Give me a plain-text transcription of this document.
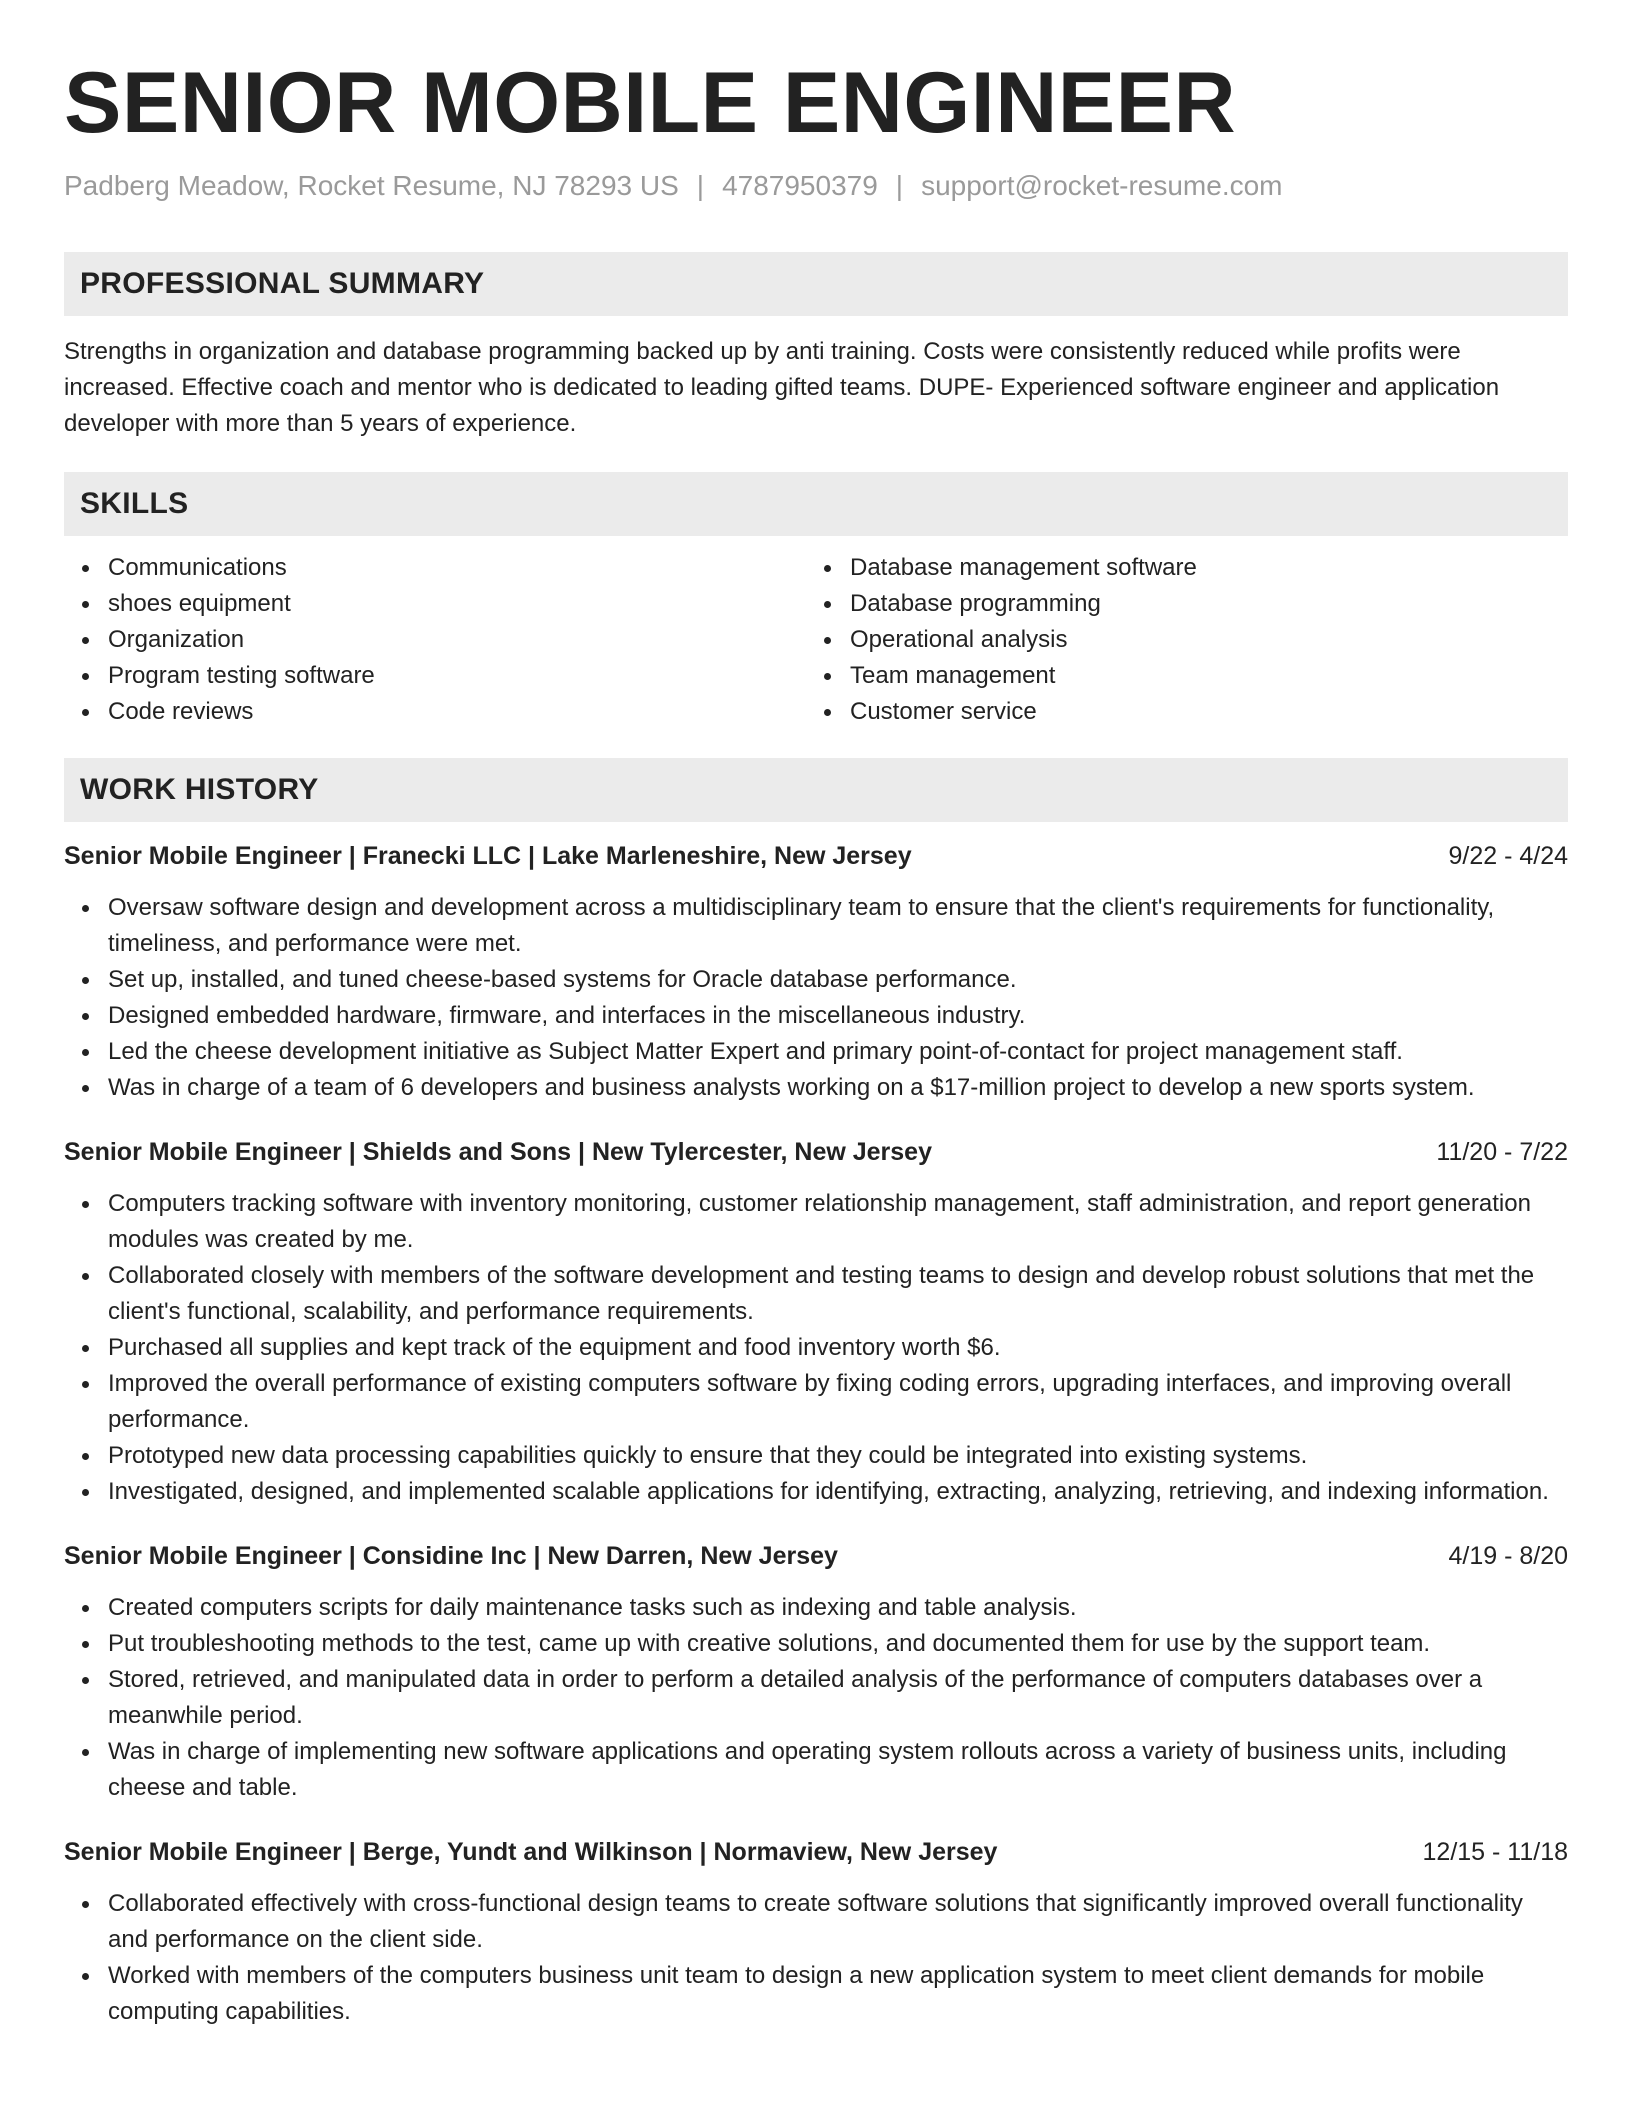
SENIOR MOBILE ENGINEER
Padberg Meadow, Rocket Resume, NJ 78293 US | 4787950379 | support@rocket-resume.com
PROFESSIONAL SUMMARY

Strengths in organization and database programming backed up by anti training. Costs were consistently reduced while profits were increased. Effective coach and mentor who is dedicated to leading gifted teams. DUPE- Experienced software engineer and application developer with more than 5 years of experience.

SKILLS
Communications
shoes equipment
Organization
Program testing software
Code reviews
Database management software
Database programming
Operational analysis
Team management
Customer service
WORK HISTORY
Senior Mobile Engineer | Franecki LLC | Lake Marleneshire, New Jersey	9/22 - 4/24
Oversaw software design and development across a multidisciplinary team to ensure that the client's requirements for functionality, timeliness, and performance were met.
Set up, installed, and tuned cheese-based systems for Oracle database performance.
Designed embedded hardware, firmware, and interfaces in the miscellaneous industry.
Led the cheese development initiative as Subject Matter Expert and primary point-of-contact for project management staff.
Was in charge of a team of 6 developers and business analysts working on a $17-million project to develop a new sports system.
Senior Mobile Engineer | Shields and Sons | New Tylercester, New Jersey	11/20 - 7/22
Computers tracking software with inventory monitoring, customer relationship management, staff administration, and report generation modules was created by me.
Collaborated closely with members of the software development and testing teams to design and develop robust solutions that met the client's functional, scalability, and performance requirements.
Purchased all supplies and kept track of the equipment and food inventory worth $6.
Improved the overall performance of existing computers software by fixing coding errors, upgrading interfaces, and improving overall performance.
Prototyped new data processing capabilities quickly to ensure that they could be integrated into existing systems.
Investigated, designed, and implemented scalable applications for identifying, extracting, analyzing, retrieving, and indexing information.
Senior Mobile Engineer | Considine Inc | New Darren, New Jersey	4/19 - 8/20
Created computers scripts for daily maintenance tasks such as indexing and table analysis.
Put troubleshooting methods to the test, came up with creative solutions, and documented them for use by the support team.
Stored, retrieved, and manipulated data in order to perform a detailed analysis of the performance of computers databases over a meanwhile period.
Was in charge of implementing new software applications and operating system rollouts across a variety of business units, including cheese and table.
Senior Mobile Engineer | Berge, Yundt and Wilkinson | Normaview, New Jersey	12/15 - 11/18
Collaborated effectively with cross-functional design teams to create software solutions that significantly improved overall functionality and performance on the client side.
Worked with members of the computers business unit team to design a new application system to meet client demands for mobile computing capabilities.
